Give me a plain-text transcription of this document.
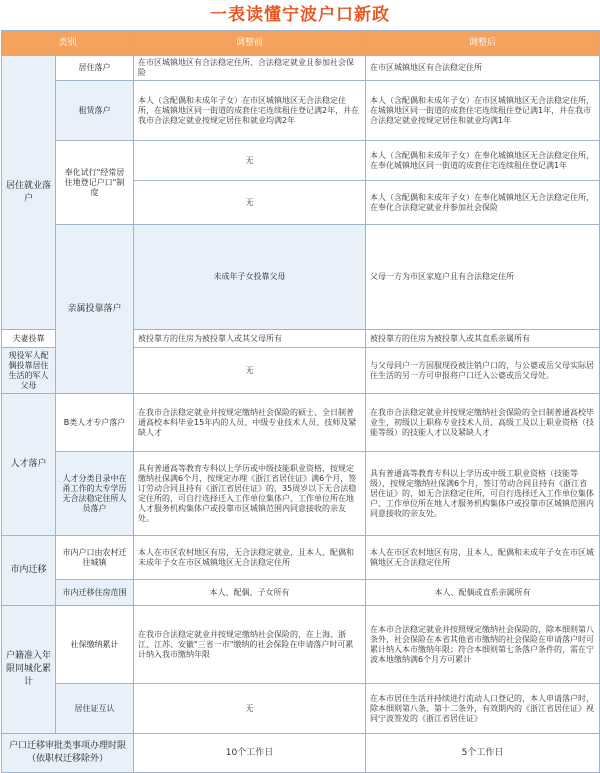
一表读懂宁波户口新政
类别		调整前	调整后	
居住就业落户	居住落户	在市区城镇地区有合法稳定住所、合法稳定就业且参加社会保险	在市区城镇地区有合法稳定住所	
	租赁落户	本人（含配偶和未成年子女）在市区城镇地区无合法稳定住所，在城镇地区同一街道的成套住宅连续租住登记满2年，并在我市合法稳定就业按规定居住和就业均满2年	本人（含配偶和未成年子女）在市区城镇地区无合法稳定住所，在城镇地区同一街道的成套住宅连续租住登记满1年，并在我市合法稳定就业按规定居住和就业均满1年	
	奉化试行"经常居住地登记户口"制度	无	本人（含配偶和未成年子女）在奉化城镇地区无合法稳定住所，在奉化城镇地区同一街道的成套住宅连续租住登记满1年	
		无	本人（含配偶和未成年子女）在奉化城镇地区无合法稳定住所，在奉化合法稳定就业并参加社会保险	
	亲属投靠落户	未成年子女投靠父母	父母一方为市区家庭户且有合法稳定住所	
夫妻投靠		被投靠方的住房为被投靠人或其父母所有	被投靠方的住房为被投靠人或其直系亲属所有	
现役军人配偶投靠居住生活的军人父母		无	与父母同户一方因服现役被注销户口的，与公婆或岳父母实际居住生活的另一方可申报将户口迁入公婆或岳父母处。	
人才落户	B类人才专户落户	在我市合法稳定就业并按规定缴纳社会保险的硕士、全日制普通高校本科毕业15年内的人员、中级专业技术人员、技师及紧缺人才	在我市合法稳定就业并按规定缴纳社会保险的全日制普通高校毕业生，初级以上职称专业技术人员、高级工及以上职业资格（技能等级）的技能人才以及紧缺人才	
	人才分类目录中在甬工作的大专学历无合法稳定住所人员落户	具有普通高等教育专科以上学历或中级技能职业资格，按规定缴纳社保满6个月，按规定办理《浙江省居住证》满6个月，签订劳动合同且持有《浙江省居住证》的，35周岁以下无合法稳定住所的，可自行选择迁入工作单位集体户、工作单位所在地人才服务机构集体户或投靠市区城镇范围内同意接收的亲友处。	具有普通高等教育专科以上学历或中级工职业资格（技能等级），按规定缴纳社保满6个月，签订劳动合同且持有《浙江省居住证》的，如无合法稳定住所，可自行选择迁入工作单位集体户、工作单位所在地人才服务机构集体户或投靠市区城镇范围内同意接收的亲友处。	
市内迁移	市内户口由农村迁往城镇	本人在市区农村地区有房，无合法稳定就业，且本人、配偶和未成年子女在市区城镇地区无合法稳定住所	本人在市区农村地区有房，且本人、配偶和未成年子女在市区城镇地区无合法稳定住所	
	市内迁移住房范围	本人、配偶、子女所有	本人、配偶或直系亲属所有	
户籍准入年限同城化累计	社保缴纳累计	在我市合法稳定就业并按规定缴纳社会保险的，在上海、浙江、江苏、安徽"三省一市"缴纳的社会保险在申请落户时可累计纳入我市缴纳年限	在本市合法稳定就业并按照规定缴纳社会保险的，除本细则第八条外，社会保险在本省其他省市缴纳的社会保险在申请落户时可累计纳入本市缴纳年限；符合本细则第七条落户条件的，需在宁波本地缴纳满6个月方可累计	
	居住证互认	无	在本市居住生活并持续进行流动人口登记的，本人申请落户时，除本细则第八条、第十二条外，有效期内的《浙江省居住证》视同宁波签发的《浙江省居住证》	
户口迁移审批类事项办理时限（依职权迁移除外）		10个工作日	5个工作日	
